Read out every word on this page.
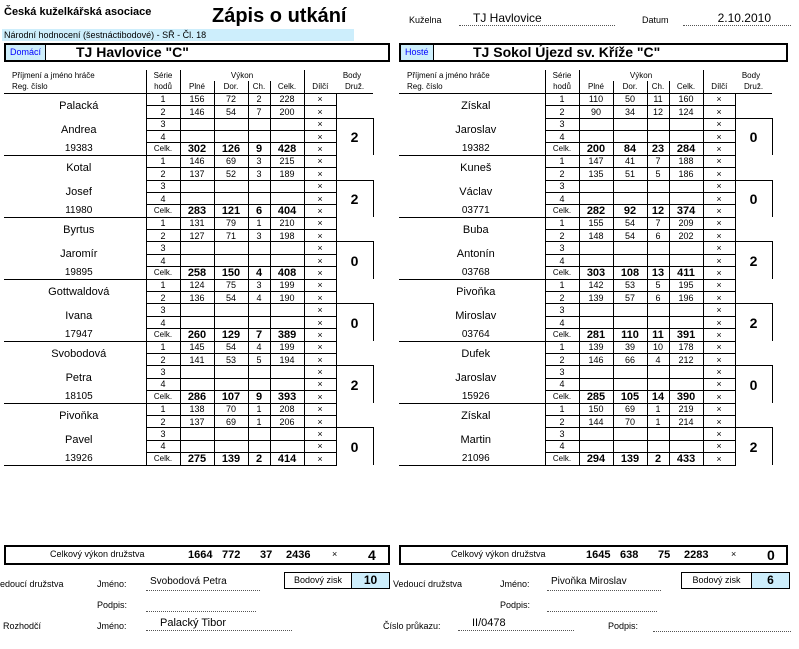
Česká kuželkářská asociace	Zápis o utkání
Národní hodnocení (šestnáctibodové) - SŘ - Čl. 18
Kuželna	TJ Havlovice	Datum	2.10.2010
Domácí	TJ Havlovice "C"	Hosté	TJ Sokol Újezd sv. Kříže "C"
Příjmení a jméno hráče	Série	Výkon				Body	
Reg. číslo	hodů	Plné	Dor.	Ch.	Celk.	Dílčí	Druž.
Palacká	1	156	72	2	228	×	
	2	146	54	7	200	×	
Andrea	3					×	2
	4					×	
19383	Celk.	302	126	9	428	×	
Kotal	1	146	69	3	215	×	
	2	137	52	3	189	×	
Josef	3					×	2
	4					×	
11980	Celk.	283	121	6	404	×	
Byrtus	1	131	79	1	210	×	
	2	127	71	3	198	×	
Jaromír	3					×	0
	4					×	
19895	Celk.	258	150	4	408	×	
Gottwaldová	1	124	75	3	199	×	
	2	136	54	4	190	×	
Ivana	3					×	0
	4					×	
17947	Celk.	260	129	7	389	×	
Svobodová	1	145	54	4	199	×	
	2	141	53	5	194	×	
Petra	3					×	2
	4					×	
18105	Celk.	286	107	9	393	×	
Pivoňka	1	138	70	1	208	×	
	2	137	69	1	206	×	
Pavel	3					×	0
	4					×	
13926	Celk.	275	139	2	414	×	
Příjmení a jméno hráče	Série	Výkon				Body	
Reg. číslo	hodů	Plné	Dor.	Ch.	Celk.	Dílčí	Druž.
Získal	1	110	50	11	160	×	
	2	90	34	12	124	×	
Jaroslav	3					×	0
	4					×	
19382	Celk.	200	84	23	284	×	
Kuneš	1	147	41	7	188	×	
	2	135	51	5	186	×	
Václav	3					×	0
	4					×	
03771	Celk.	282	92	12	374	×	
Buba	1	155	54	7	209	×	
	2	148	54	6	202	×	
Antonín	3					×	2
	4					×	
03768	Celk.	303	108	13	411	×	
Pivoňka	1	142	53	5	195	×	
	2	139	57	6	196	×	
Miroslav	3					×	2
	4					×	
03764	Celk.	281	110	11	391	×	
Dufek	1	139	39	10	178	×	
	2	146	66	4	212	×	
Jaroslav	3					×	0
	4					×	
15926	Celk.	285	105	14	390	×	
Získal	1	150	69	1	219	×	
	2	144	70	1	214	×	
Martin	3					×	2
	4					×	
21096	Celk.	294	139	2	433	×	
Celkový výkon družstva	1664 772 37 2436 × 4	Celkový výkon družstva	1645 638 75 2283	× 0
edoucí družstva	Jméno:	Svobodová Petra
Podpis:
Bodový zisk	10	Vedoucí družstva	Jméno:	Pivoňka Miroslav
Podpis:
Bodový zisk	6
Rozhodčí	Jméno:	Palacký Tibor	Číslo průkazu:	II/0478	Podpis:
